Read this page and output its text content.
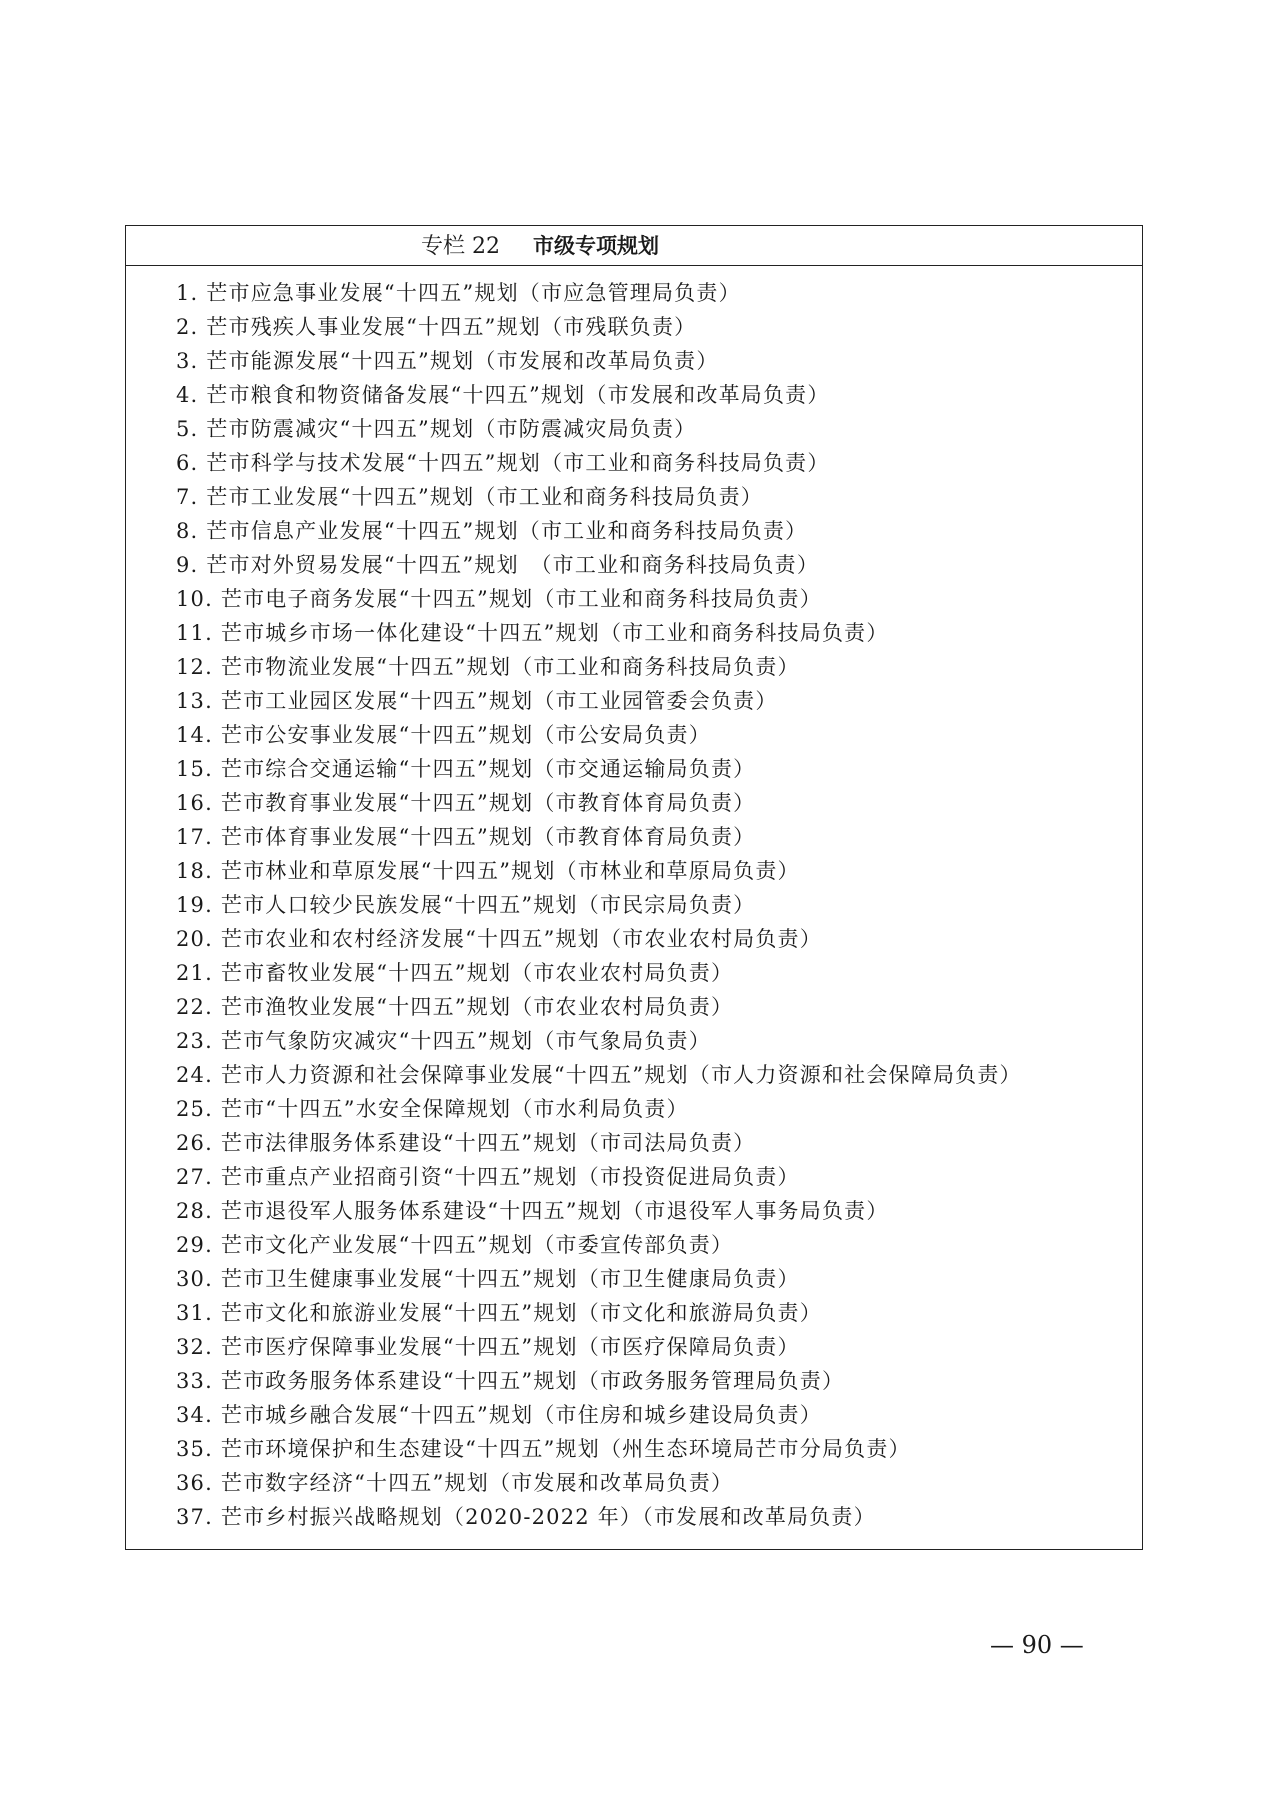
专栏 22 市级专项规划
1. 芒市应急事业发展“十四五”规划（市应急管理局负责）
2. 芒市残疾人事业发展“十四五”规划（市残联负责）
3. 芒市能源发展“十四五”规划（市发展和改革局负责）
4. 芒市粮食和物资储备发展“十四五”规划（市发展和改革局负责）
5. 芒市防震减灾“十四五”规划（市防震减灾局负责）
6. 芒市科学与技术发展“十四五”规划（市工业和商务科技局负责）
7. 芒市工业发展“十四五”规划（市工业和商务科技局负责）
8. 芒市信息产业发展“十四五”规划（市工业和商务科技局负责）
9. 芒市对外贸易发展“十四五”规划　（市工业和商务科技局负责）
10. 芒市电子商务发展“十四五”规划（市工业和商务科技局负责）
11. 芒市城乡市场一体化建设“十四五”规划（市工业和商务科技局负责）
12. 芒市物流业发展“十四五”规划（市工业和商务科技局负责）
13. 芒市工业园区发展“十四五”规划（市工业园管委会负责）
14. 芒市公安事业发展“十四五”规划（市公安局负责）
15. 芒市综合交通运输“十四五”规划（市交通运输局负责）
16. 芒市教育事业发展“十四五”规划（市教育体育局负责）
17. 芒市体育事业发展“十四五”规划（市教育体育局负责）
18. 芒市林业和草原发展“十四五”规划（市林业和草原局负责）
19. 芒市人口较少民族发展“十四五”规划（市民宗局负责）
20. 芒市农业和农村经济发展“十四五”规划（市农业农村局负责）
21. 芒市畜牧业发展“十四五”规划（市农业农村局负责）
22. 芒市渔牧业发展“十四五”规划（市农业农村局负责）
23. 芒市气象防灾减灾“十四五”规划（市气象局负责）
24. 芒市人力资源和社会保障事业发展“十四五”规划（市人力资源和社会保障局负责）
25. 芒市“十四五”水安全保障规划（市水利局负责）
26. 芒市法律服务体系建设“十四五”规划（市司法局负责）
27. 芒市重点产业招商引资“十四五”规划（市投资促进局负责）
28. 芒市退役军人服务体系建设“十四五”规划（市退役军人事务局负责）
29. 芒市文化产业发展“十四五”规划（市委宣传部负责）
30. 芒市卫生健康事业发展“十四五”规划（市卫生健康局负责）
31. 芒市文化和旅游业发展“十四五”规划（市文化和旅游局负责）
32. 芒市医疗保障事业发展“十四五”规划（市医疗保障局负责）
33. 芒市政务服务体系建设“十四五”规划（市政务服务管理局负责）
34. 芒市城乡融合发展“十四五”规划（市住房和城乡建设局负责）
35. 芒市环境保护和生态建设“十四五”规划（州生态环境局芒市分局负责）
36. 芒市数字经济“十四五”规划（市发展和改革局负责）
37. 芒市乡村振兴战略规划（2020-2022 年）（市发展和改革局负责）
— 90 —
